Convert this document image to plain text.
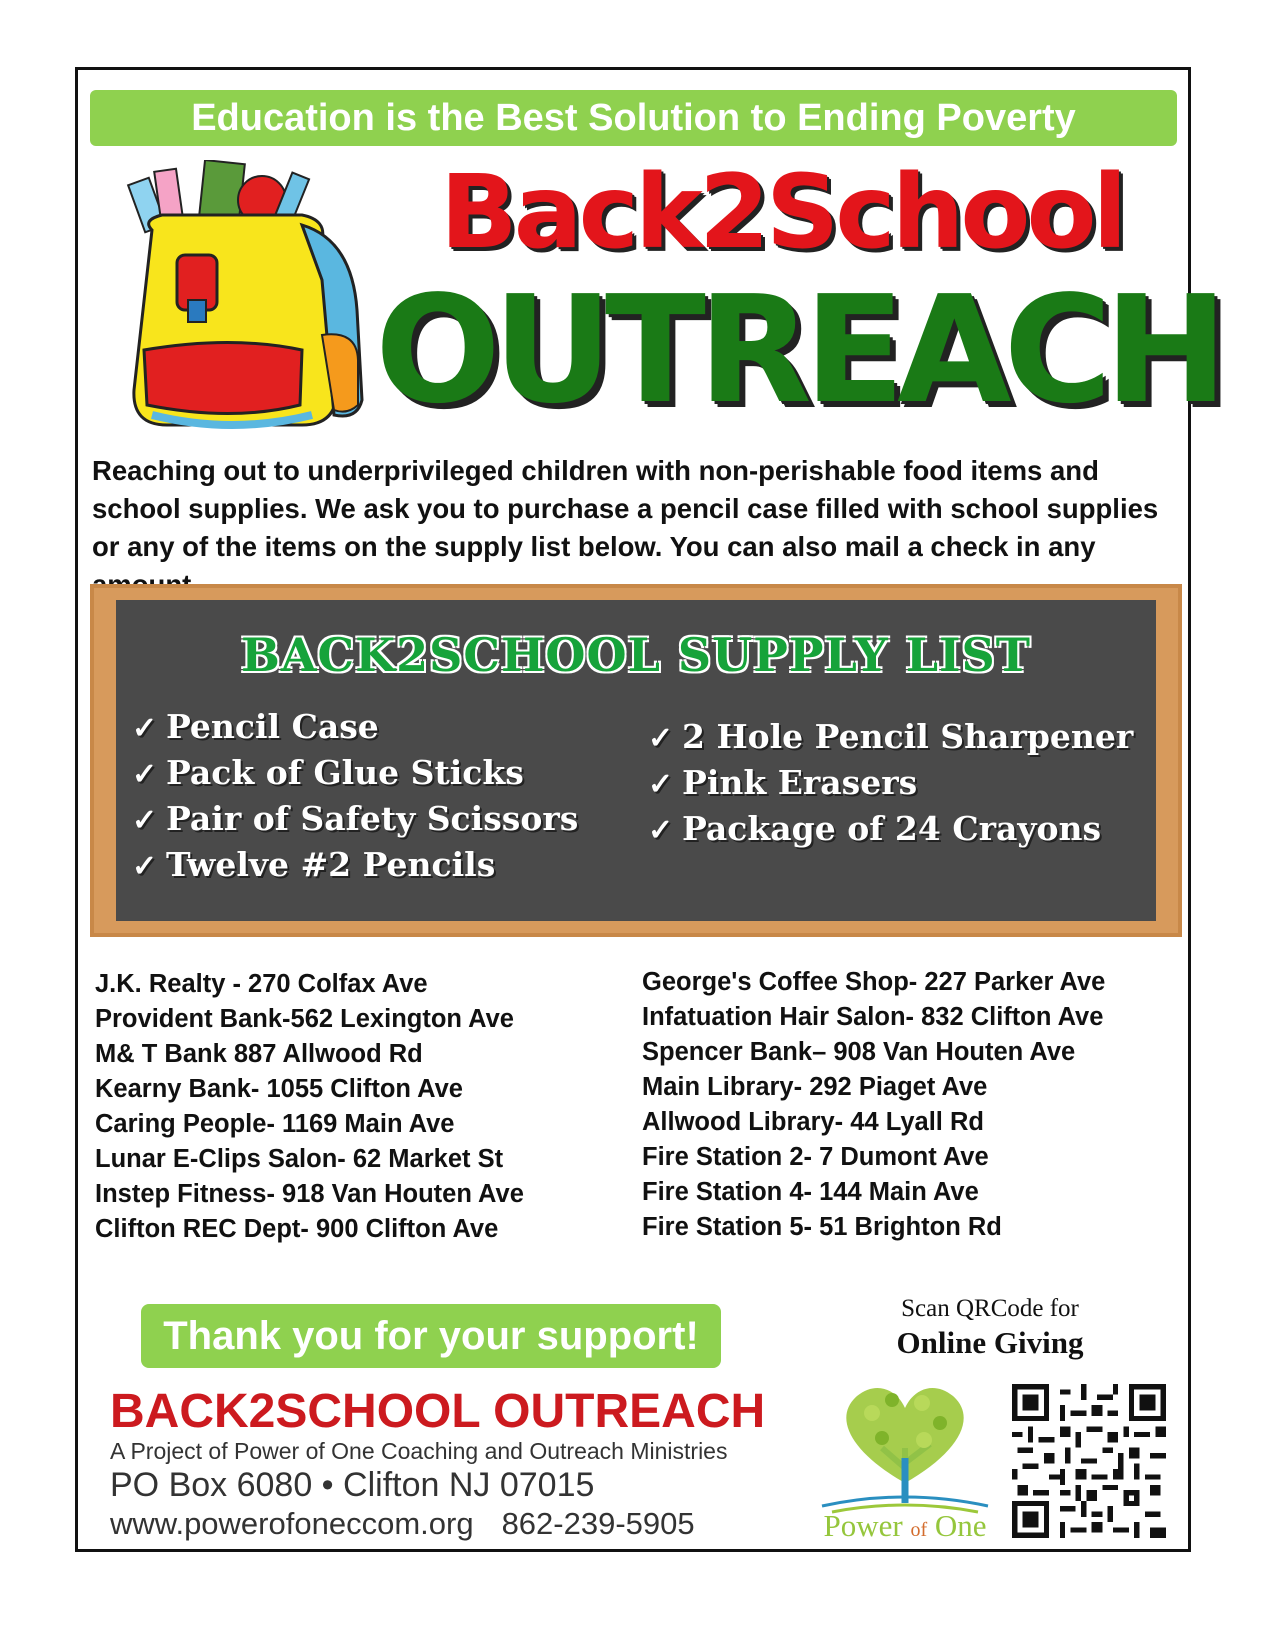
Education is the Best Solution to Ending Poverty
Back2School
OUTREACH
Reaching out to underprivileged children with non-perishable food items and school supplies. We ask you to purchase a pencil case filled with school supplies or any of the items on the supply list below. You can also mail a check in any
BACK2SCHOOL SUPPLY LIST
✓ Pencil Case
✓ Pack of Glue Sticks
✓ Pair of Safety Scissors
✓ Twelve #2 Pencils
✓ 2 Hole Pencil Sharpener
✓ Pink Erasers
✓ Package of 24 Crayons
J.K. Realty - 270 Colfax Ave
Provident Bank-562 Lexington Ave
M& T Bank 887 Allwood Rd
Kearny Bank- 1055 Clifton Ave
Caring People- 1169 Main Ave
Lunar E-Clips Salon- 62 Market St
Instep Fitness- 918 Van Houten Ave
Clifton REC Dept- 900 Clifton Ave
George's Coffee Shop- 227 Parker Ave
Infatuation Hair Salon- 832 Clifton Ave
Spencer Bank– 908 Van Houten Ave
Main Library- 292 Piaget Ave
Allwood Library- 44 Lyall Rd
Fire Station 2- 7 Dumont Ave
Fire Station 4- 144 Main Ave
Fire Station 5- 51 Brighton Rd
Thank you for your support!
BACK2SCHOOL OUTREACH
A Project of Power of One Coaching and Outreach Ministries
PO Box 6080 • Clifton NJ 07015
www.powerofoneccom.org 862-239-5905
Scan QRCode for
Online Giving
Power of One
